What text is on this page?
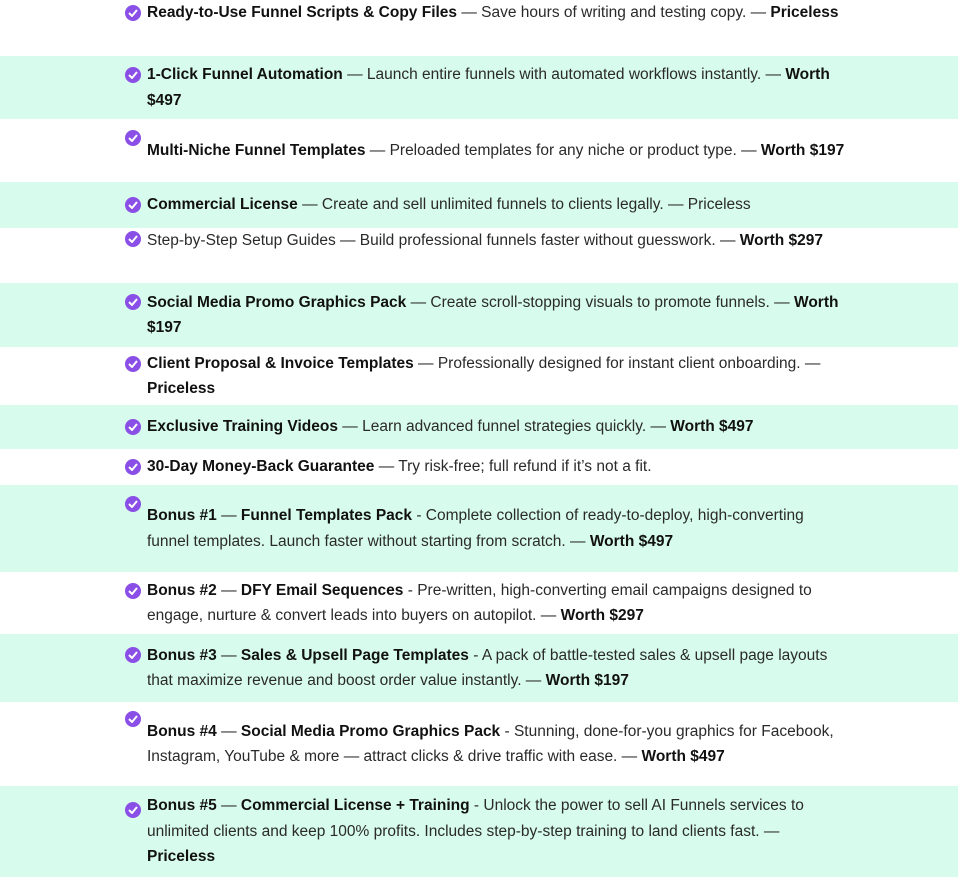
Ready-to-Use Funnel Scripts & Copy Files — Save hours of writing and testing copy. — Priceless
1-Click Funnel Automation — Launch entire funnels with automated workflows instantly. — Worth $497
Multi-Niche Funnel Templates — Preloaded templates for any niche or product type. — Worth $197
Commercial License — Create and sell unlimited funnels to clients legally. — Priceless
Step-by-Step Setup Guides — Build professional funnels faster without guesswork. — Worth $297
Social Media Promo Graphics Pack — Create scroll-stopping visuals to promote funnels. — Worth $197
Client Proposal & Invoice Templates — Professionally designed for instant client onboarding. — Priceless
Exclusive Training Videos — Learn advanced funnel strategies quickly. — Worth $497
30-Day Money-Back Guarantee — Try risk-free; full refund if it’s not a fit.
Bonus #1 — Funnel Templates Pack - Complete collection of ready-to-deploy, high-converting funnel templates. Launch faster without starting from scratch. — Worth $497
Bonus #2 — DFY Email Sequences - Pre-written, high-converting email campaigns designed to engage, nurture & convert leads into buyers on autopilot. — Worth $297
Bonus #3 — Sales & Upsell Page Templates - A pack of battle-tested sales & upsell page layouts that maximize revenue and boost order value instantly. — Worth $197
Bonus #4 — Social Media Promo Graphics Pack - Stunning, done-for-you graphics for Facebook, Instagram, YouTube & more — attract clicks & drive traffic with ease. — Worth $497
Bonus #5 — Commercial License + Training - Unlock the power to sell AI Funnels services to unlimited clients and keep 100% profits. Includes step-by-step training to land clients fast. — Priceless
